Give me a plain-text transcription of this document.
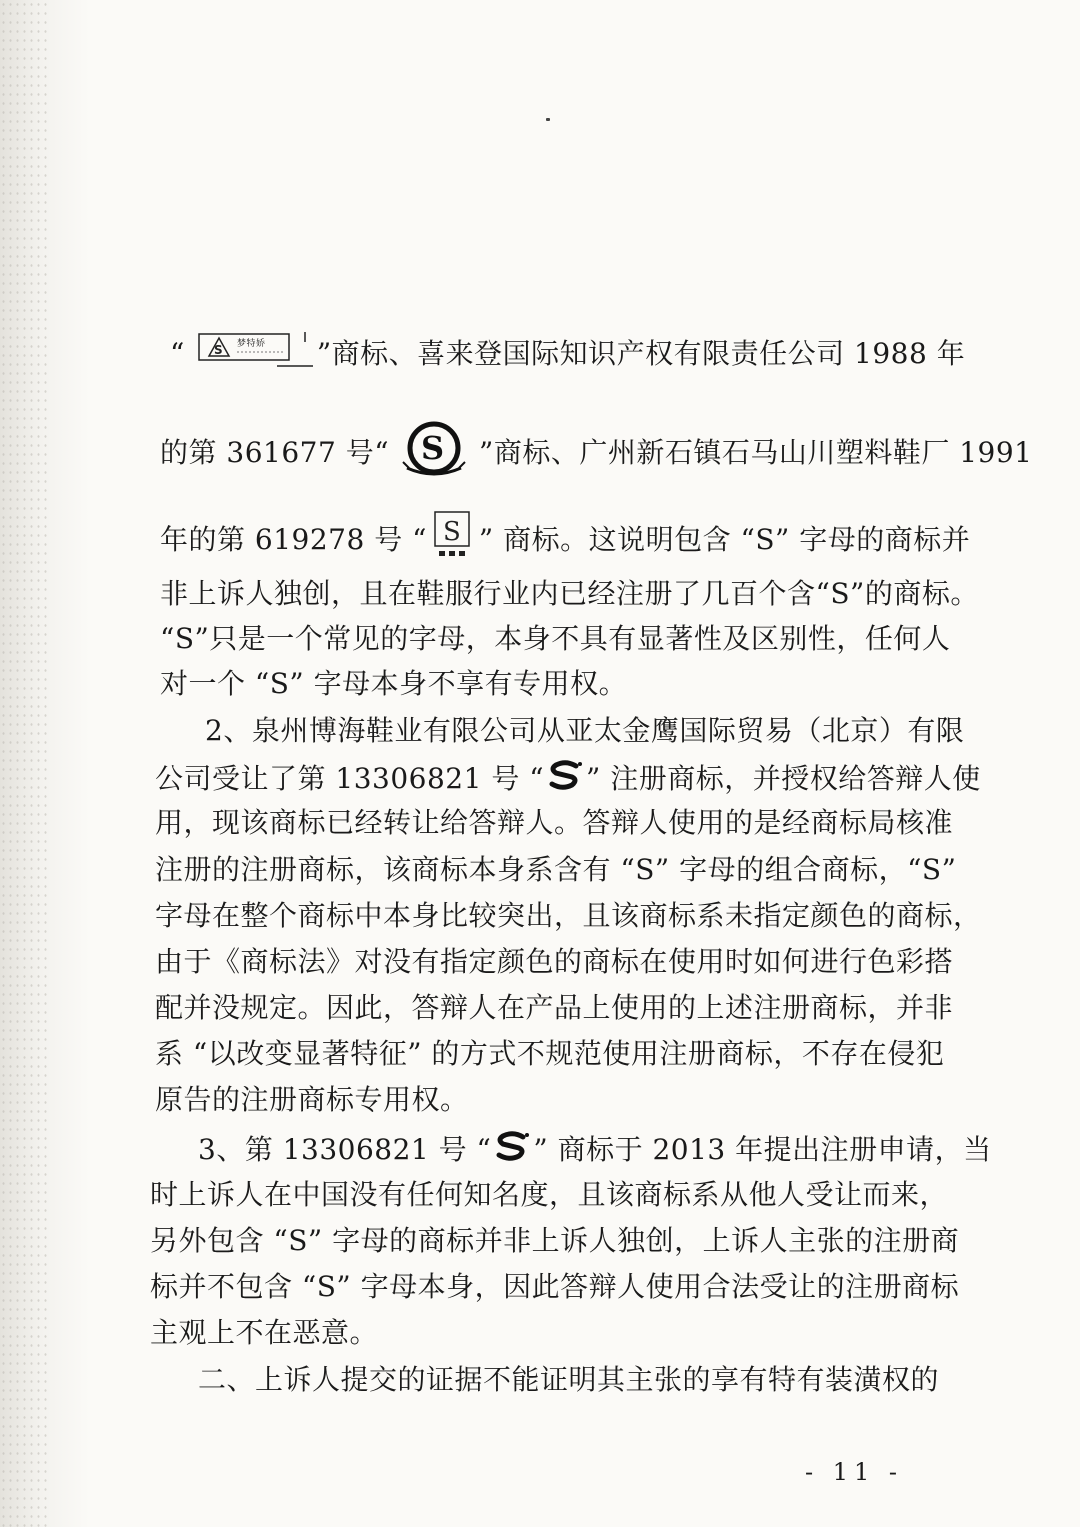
“ S 梦特娇 ”商标、喜来登国际知识产权有限责任公司 1988 年
的第 361677 号“ S ”商标、广州新石镇石马山川塑料鞋厂 1991
年的第 619278 号 “ S ” 商标。这说明包含 “S” 字母的商标并
非上诉人独创，且在鞋服行业内已经注册了几百个含“S”的商标。
“S”只是一个常见的字母，本身不具有显著性及区别性，任何人
对一个 “S” 字母本身不享有专用权。
2、泉州博海鞋业有限公司从亚太金鹰国际贸易（北京）有限
公司受让了第 13306821 号 “ ” 注册商标，并授权给答辩人使
用，现该商标已经转让给答辩人。答辩人使用的是经商标局核准
注册的注册商标，该商标本身系含有 “S” 字母的组合商标，“S”
字母在整个商标中本身比较突出，且该商标系未指定颜色的商标，
由于《商标法》对没有指定颜色的商标在使用时如何进行色彩搭
配并没规定。因此，答辩人在产品上使用的上述注册商标，并非
系 “以改变显著特征” 的方式不规范使用注册商标，不存在侵犯
原告的注册商标专用权。
3、第 13306821 号 “ ” 商标于 2013 年提出注册申请，当
时上诉人在中国没有任何知名度，且该商标系从他人受让而来，
另外包含 “S” 字母的商标并非上诉人独创，上诉人主张的注册商
标并不包含 “S” 字母本身，因此答辩人使用合法受让的注册商标
主观上不在恶意。
二、上诉人提交的证据不能证明其主张的享有特有装潢权的
- 11 -
